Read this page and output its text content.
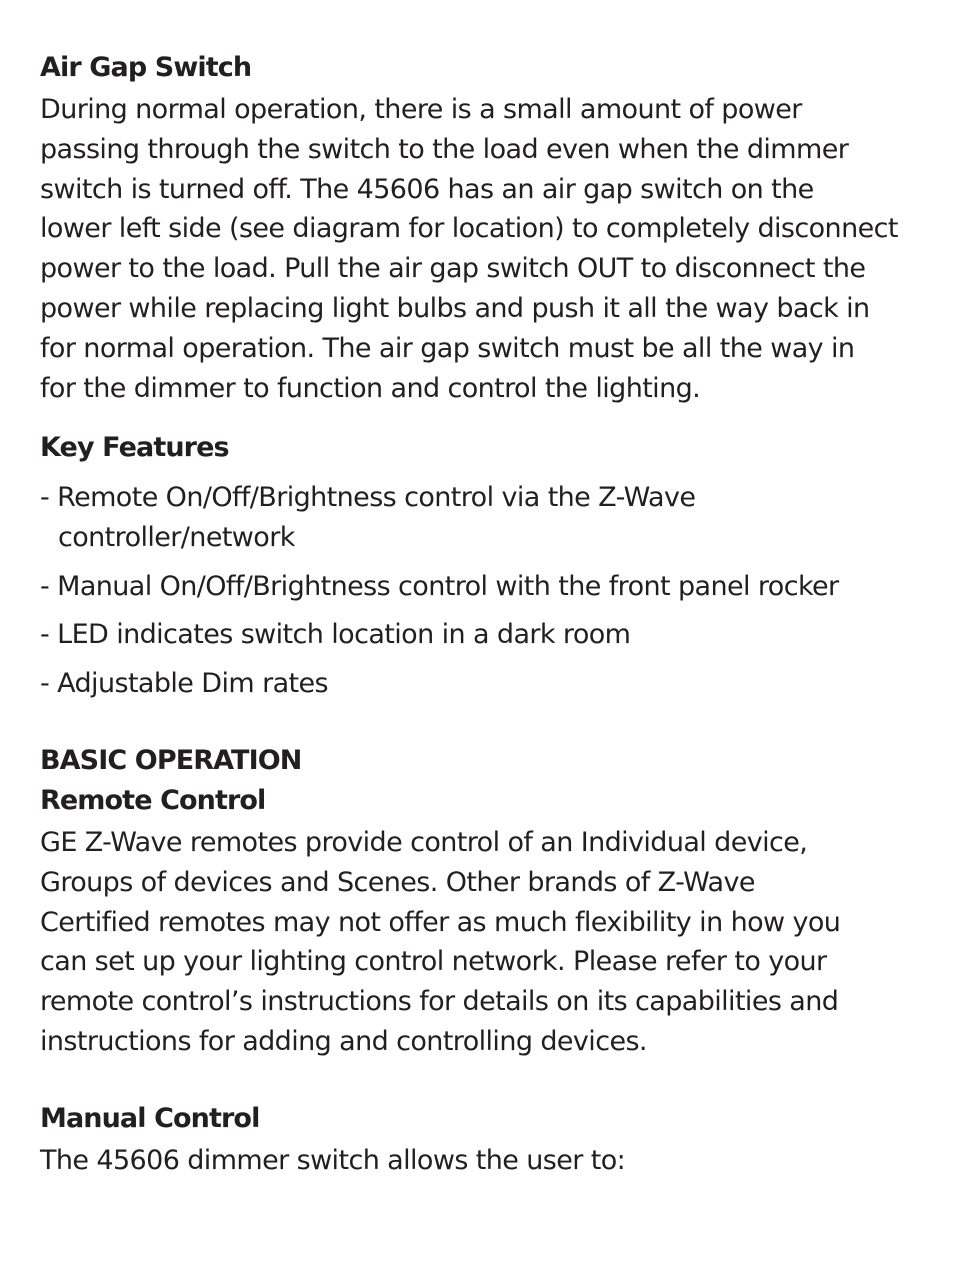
Air Gap Switch
During normal operation, there is a small amount of power
passing through the switch to the load even when the dimmer
switch is turned off. The 45606 has an air gap switch on the
lower left side (see diagram for location) to completely disconnect
power to the load. Pull the air gap switch OUT to disconnect the
power while replacing light bulbs and push it all the way back in
for normal operation. The air gap switch must be all the way in
for the dimmer to function and control the lighting.
Key Features
- Remote On/Off/Brightness control via the Z-Wave
controller/network
- Manual On/Off/Brightness control with the front panel rocker
- LED indicates switch location in a dark room
- Adjustable Dim rates
BASIC OPERATION
Remote Control
GE Z-Wave remotes provide control of an Individual device,
Groups of devices and Scenes. Other brands of Z-Wave
Certified remotes may not offer as much flexibility in how you
can set up your lighting control network. Please refer to your
remote control’s instructions for details on its capabilities and
instructions for adding and controlling devices.
Manual Control
The 45606 dimmer switch allows the user to:
